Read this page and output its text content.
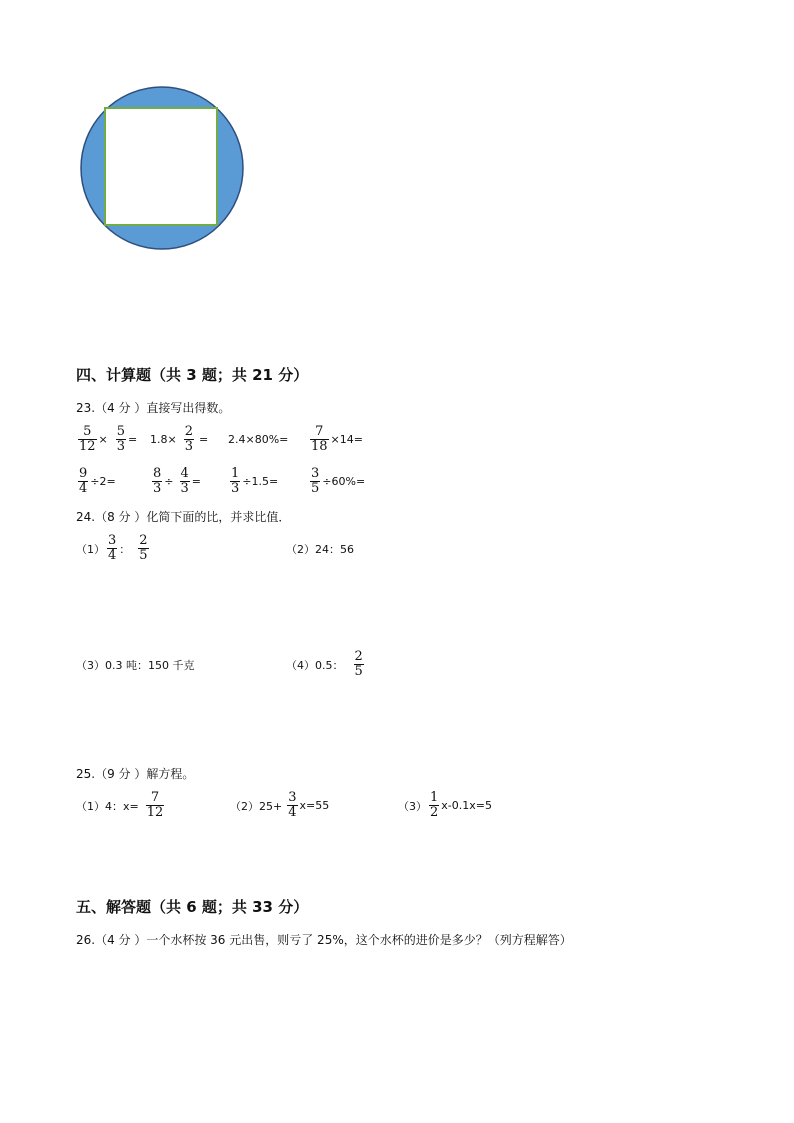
四、计算题（共 3 题；共 21 分）
23.（4 分 ）直接写出得数。
$\frac{5}{12} \times \frac{5}{3} = 1.8\times \frac{2}{3} = 2.4\times 80\%= \frac{7}{18} \times 14=$
$\frac{9}{4} \div 2=$	$\frac{8}{3} \div \frac{4}{3} = \frac{1}{3} \div 1.5= \frac{3}{5} \div 60\%=$
24.（8 分 ）化简下面的比，并求比值．
$(1) \frac{3}{4}$ ： $\frac{2}{5}$	（2）24：56
（3）0.3 吨：150 千克	（4）0.5： $\frac{2}{5}$
25.（9 分 ）解方程。
（1）4：$x= \frac{7}{12}$	$(2)25+ \frac{3}{4} x=55$	$(3) \frac{1}{2} x-0.1x=5$
五、解答题（共 6 题；共 33 分）
26.（4 分 ）一个水杯按 36 元出售，则亏了 25%，这个水杯的进价是多少？（列方程解答）
